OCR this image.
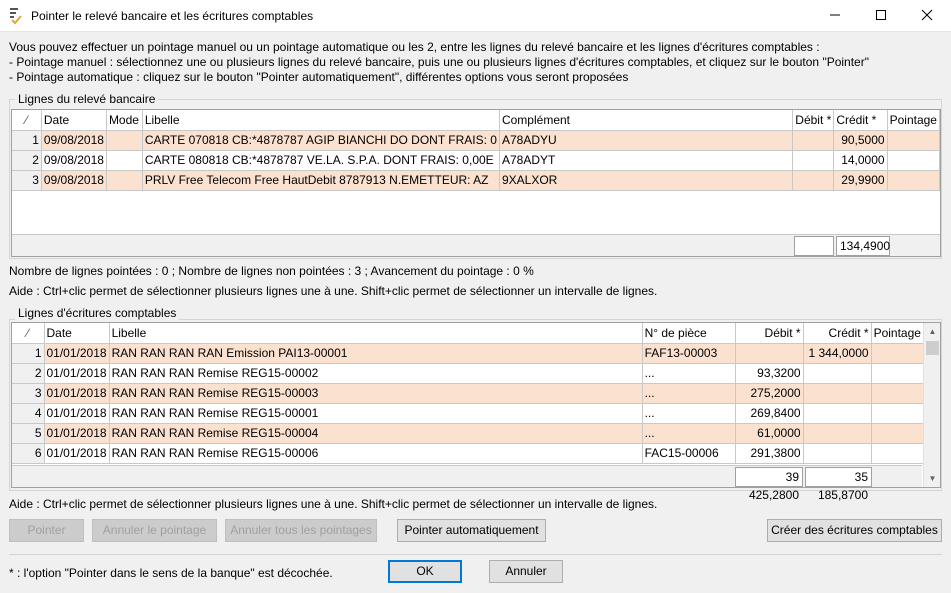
Pointer le relevé bancaire et les écritures comptables
Vous pouvez effectuer un pointage manuel ou un pointage automatique ou les 2, entre les lignes du relevé bancaire et les lignes d'écritures comptables :
- Pointage manuel : sélectionnez une ou plusieurs lignes du relevé bancaire, puis une ou plusieurs lignes d'écritures comptables, et cliquez sur le bouton "Pointer"
- Pointage automatique : cliquez sur le bouton "Pointer automatiquement", différentes options vous seront proposées
Lignes du relevé bancaire
⁄	Date	Mode	Libelle	Complément	Débit *	Crédit *	Pointage
1	09/08/2018		CARTE 070818 CB:*4878787 AGIP BIANCHI DO DONT FRAIS: 0	A78ADYU		90,5000	
2	09/08/2018		CARTE 080818 CB:*4878787 VE.LA. S.P.A. DONT FRAIS: 0,00E	A78ADYT		14,0000	
3	09/08/2018		PRLV Free Telecom Free HautDebit 8787913 N.EMETTEUR: AZ	9XALXOR		29,9900	
134,4900
Nombre de lignes pointées : 0 ; Nombre de lignes non pointées : 3 ; Avancement du pointage : 0 %
Aide : Ctrl+clic permet de sélectionner plusieurs lignes une à une. Shift+clic permet de sélectionner un intervalle de lignes.
Lignes d'écritures comptables
⁄	Date	Libelle	N° de pièce	Débit *	Crédit *	Pointage
1	01/01/2018	RAN RAN RAN RAN Emission PAI13-00001	FAF13-00003		1 344,0000	
2	01/01/2018	RAN RAN RAN Remise REG15-00002	...	93,3200		
3	01/01/2018	RAN RAN RAN Remise REG15-00003	...	275,2000		
4	01/01/2018	RAN RAN RAN Remise REG15-00001	...	269,8400		
5	01/01/2018	RAN RAN RAN Remise REG15-00004	...	61,0000		
6	01/01/2018	RAN RAN RAN Remise REG15-00006	FAC15-00006	291,3800		
39 425,2800
35 185,8700
▲
▼
Aide : Ctrl+clic permet de sélectionner plusieurs lignes une à une. Shift+clic permet de sélectionner un intervalle de lignes.
Pointer	Annuler le pointage	Annuler tous les pointages	Pointer automatiquement	Créer des écritures comptables
* : l'option "Pointer dans le sens de la banque" est décochée.	OK	Annuler
